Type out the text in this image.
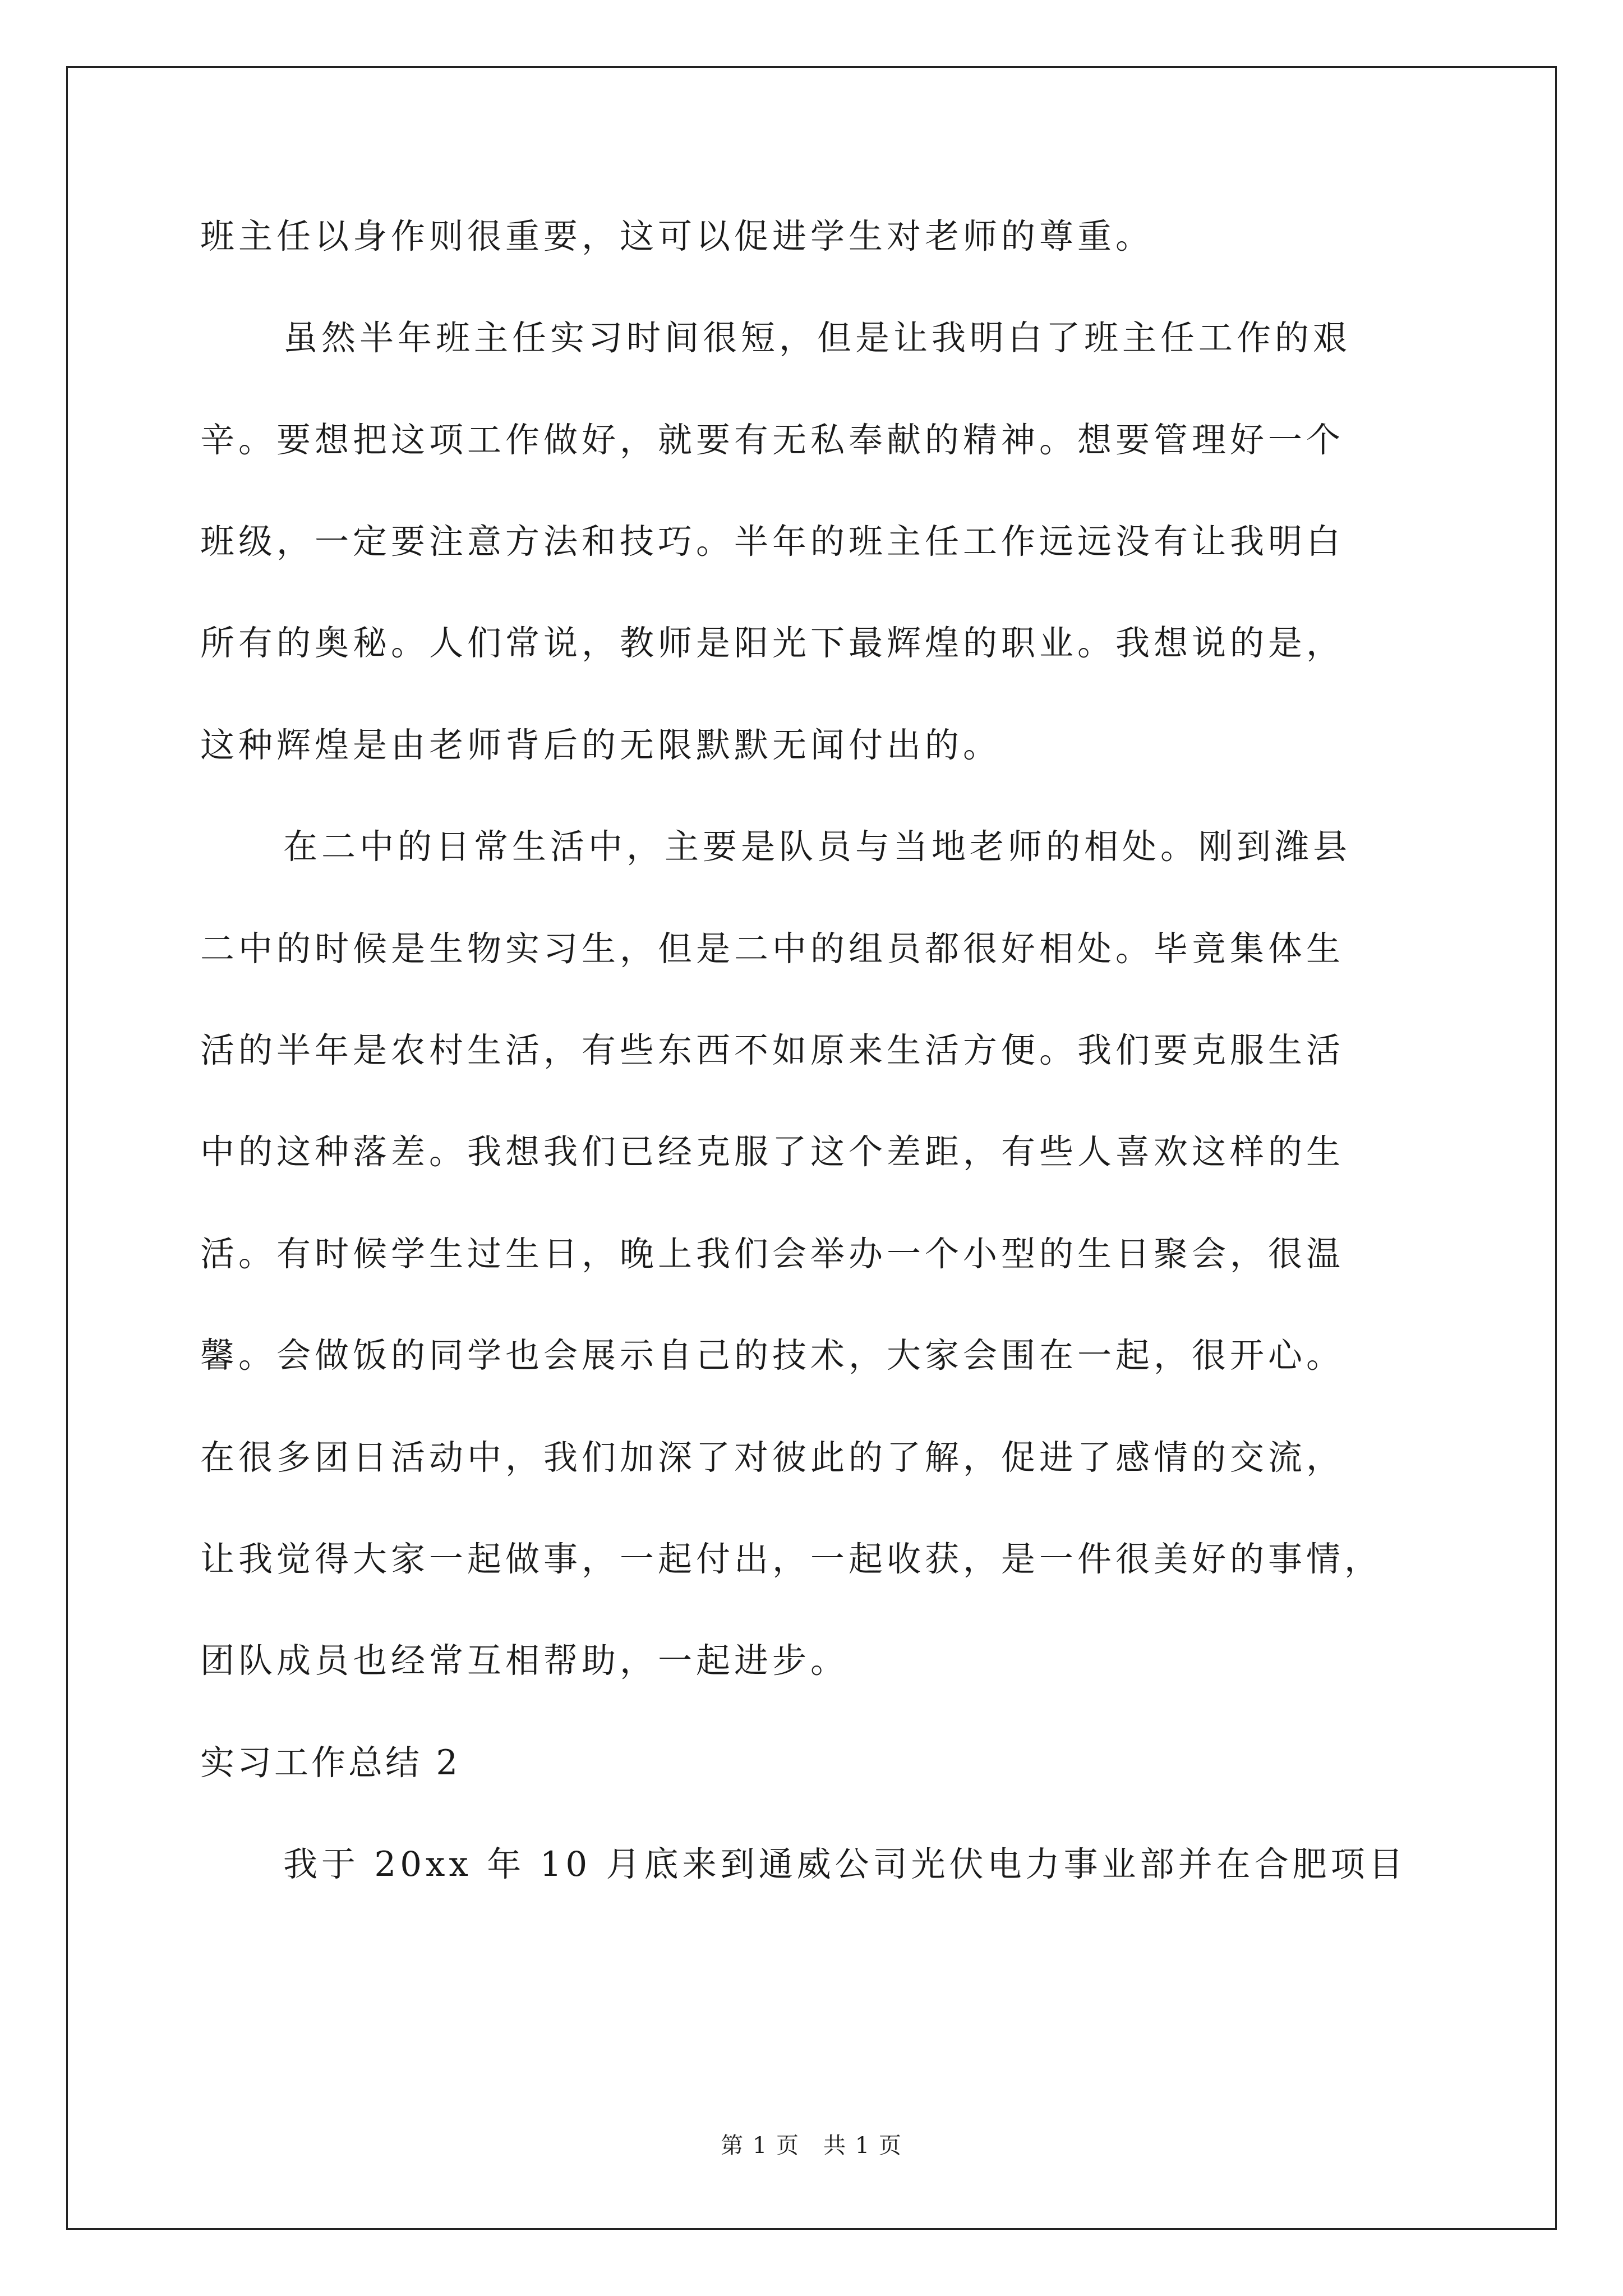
班主任以身作则很重要，这可以促进学生对老师的尊重。
虽然半年班主任实习时间很短，但是让我明白了班主任工作的艰
辛。要想把这项工作做好，就要有无私奉献的精神。想要管理好一个
班级，一定要注意方法和技巧。半年的班主任工作远远没有让我明白
所有的奥秘。人们常说，教师是阳光下最辉煌的职业。我想说的是，
这种辉煌是由老师背后的无限默默无闻付出的。
在二中的日常生活中，主要是队员与当地老师的相处。刚到潍县
二中的时候是生物实习生，但是二中的组员都很好相处。毕竟集体生
活的半年是农村生活，有些东西不如原来生活方便。我们要克服生活
中的这种落差。我想我们已经克服了这个差距，有些人喜欢这样的生
活。有时候学生过生日，晚上我们会举办一个小型的生日聚会，很温
馨。会做饭的同学也会展示自己的技术，大家会围在一起，很开心。
在很多团日活动中，我们加深了对彼此的了解，促进了感情的交流，
让我觉得大家一起做事，一起付出，一起收获，是一件很美好的事情，
团队成员也经常互相帮助，一起进步。
实习工作总结 2
我于 20xx 年 10 月底来到通威公司光伏电力事业部并在合肥项目
第 1 页　共 1 页
